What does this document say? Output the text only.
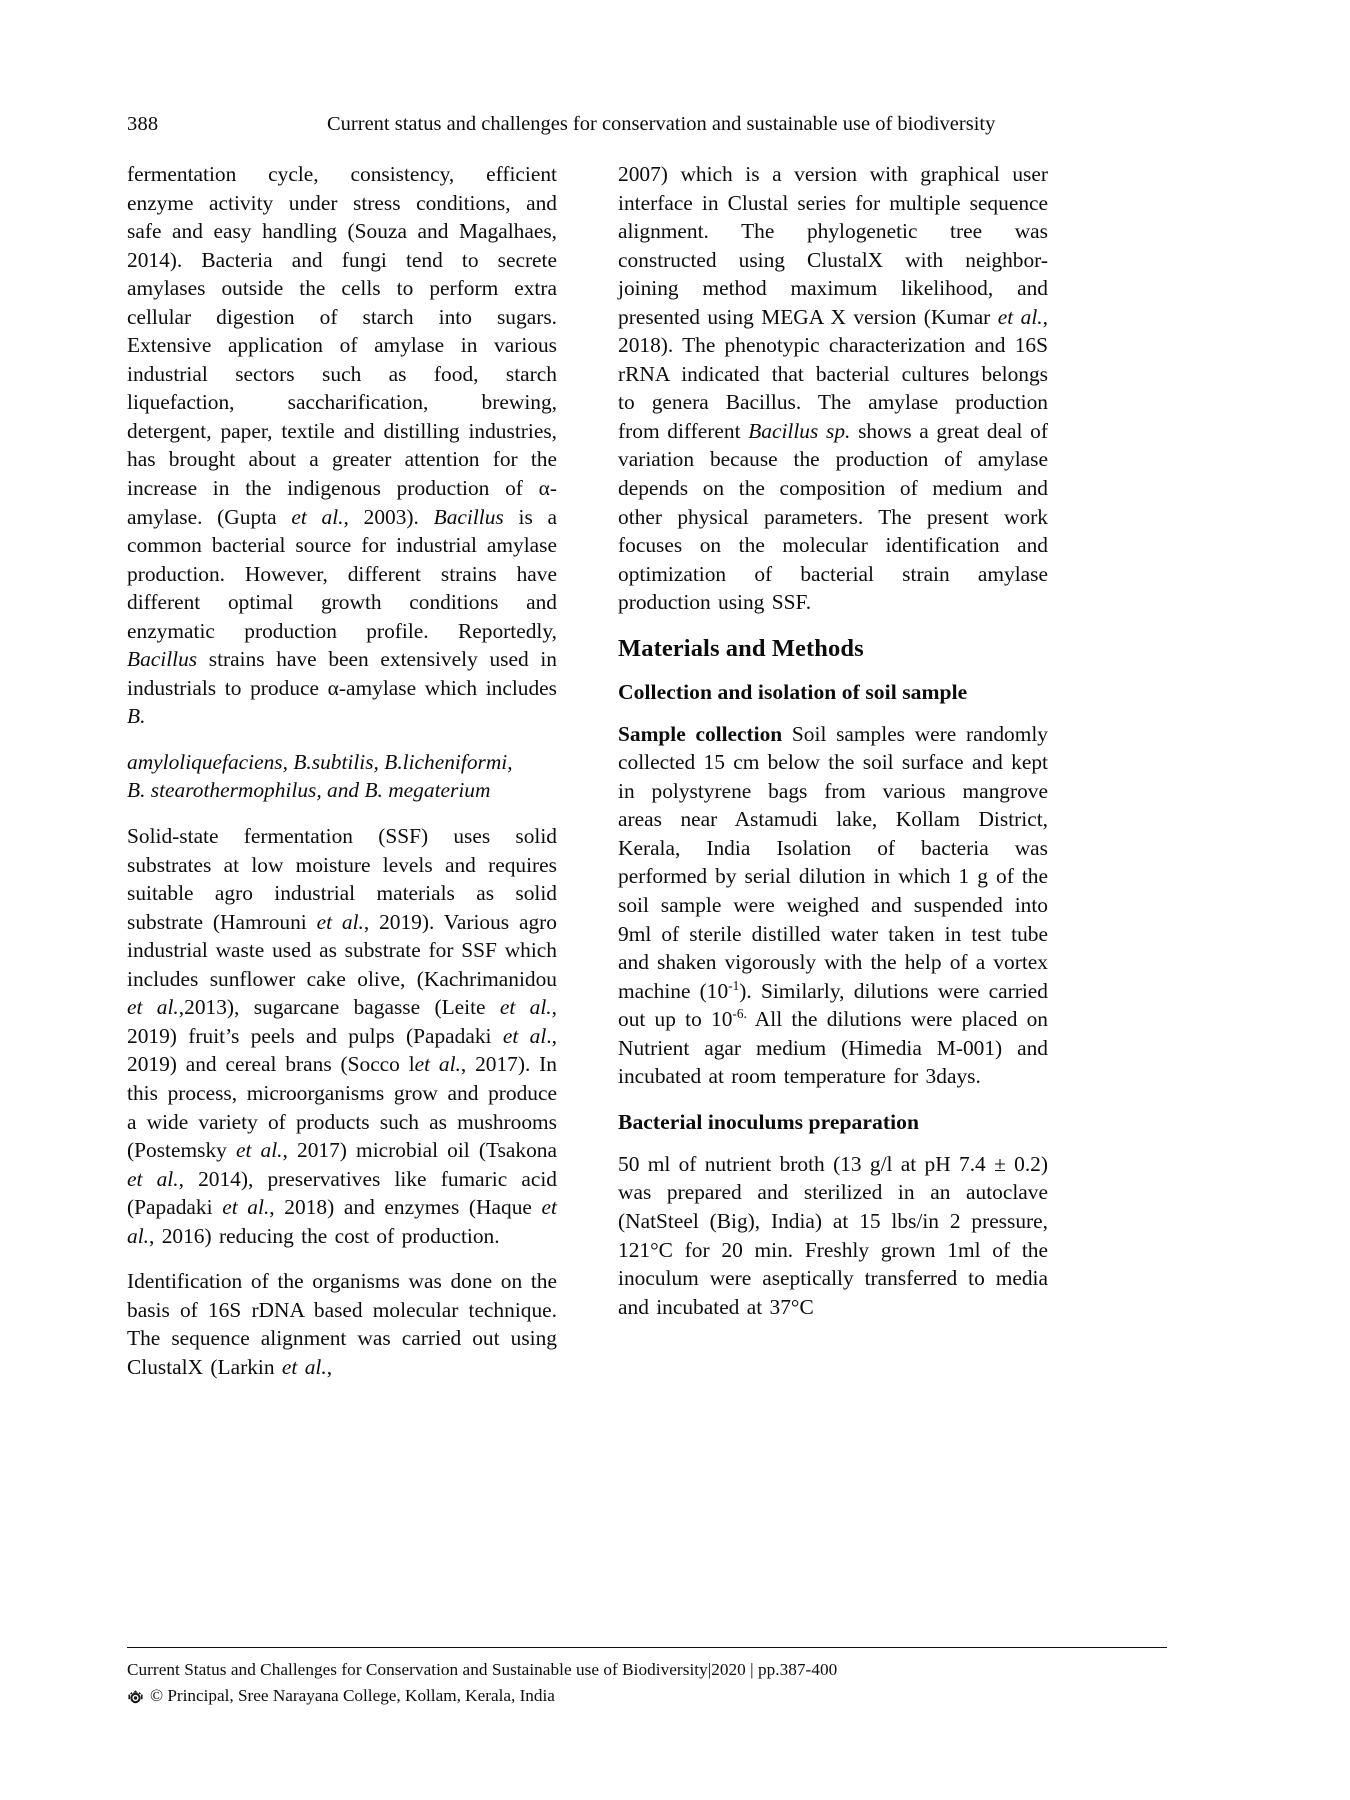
388	Current status and challenges for conservation and sustainable use of biodiversity

fermentation cycle, consistency, efficient enzyme activity under stress conditions, and safe and easy handling (Souza and Magalhaes, 2014). Bacteria and fungi tend to secrete amylases outside the cells to perform extra cellular digestion of starch into sugars. Extensive application of amylase in various industrial sectors such as food, starch liquefaction, saccharification, brewing, detergent, paper, textile and distilling industries, has brought about a greater attention for the increase in the indigenous production of α-amylase. (Gupta et al., 2003). Bacillus is a common bacterial source for industrial amylase production. However, different strains have different optimal growth conditions and enzymatic production profile. Reportedly, Bacillus strains have been extensively used in industrials to produce α-amylase which includes B.

amyloliquefaciens, B.subtilis, B.licheniformi,
B. stearothermophilus, and B. megaterium

Solid-state fermentation (SSF) uses solid substrates at low moisture levels and requires suitable agro industrial materials as solid substrate (Hamrouni et al., 2019). Various agro industrial waste used as substrate for SSF which includes sunflower cake olive, (Kachrimanidou et al.,2013), sugarcane bagasse (Leite et al., 2019) fruit’s peels and pulps (Papadaki et al., 2019) and cereal brans (Socco let al., 2017). In this process, microorganisms grow and produce a wide variety of products such as mushrooms (Postemsky et al., 2017) microbial oil (Tsakona et al., 2014), preservatives like fumaric acid (Papadaki et al., 2018) and enzymes (Haque et al., 2016) reducing the cost of production.

Identification of the organisms was done on the basis of 16S rDNA based molecular technique. The sequence alignment was carried out using ClustalX (Larkin et al.,

2007) which is a version with graphical user interface in Clustal series for multiple sequence alignment. The phylogenetic tree was constructed using ClustalX with neighbor-joining method maximum likelihood, and presented using MEGA X version (Kumar et al., 2018). The phenotypic characterization and 16S rRNA indicated that bacterial cultures belongs to genera Bacillus. The amylase production from different Bacillus sp. shows a great deal of variation because the production of amylase depends on the composition of medium and other physical parameters. The present work focuses on the molecular identification and optimization of bacterial strain amylase production using SSF.

Materials and Methods
Collection and isolation of soil sample

Sample collection Soil samples were randomly collected 15 cm below the soil surface and kept in polystyrene bags from various mangrove areas near Astamudi lake, Kollam District, Kerala, India Isolation of bacteria was performed by serial dilution in which 1 g of the soil sample were weighed and suspended into 9ml of sterile distilled water taken in test tube and shaken vigorously with the help of a vortex machine $(10^{-1})$. Similarly, dilutions were carried out up to $10^{-6.}$ All the dilutions were placed on Nutrient agar medium (Himedia M-001) and incubated at room temperature for 3days.

Bacterial inoculums preparation

50 ml of nutrient broth (13 g/l at pH 7.4 ± 0.2) was prepared and sterilized in an autoclave (NatSteel (Big), India) at 15 lbs/in 2 pressure, 121°C for 20 min. Freshly grown 1ml of the inoculum were aseptically transferred to media and incubated at 37°C

Current Status and Challenges for Conservation and Sustainable use of Biodiversity|2020 | pp.387-400
© Principal, Sree Narayana College, Kollam, Kerala, India
